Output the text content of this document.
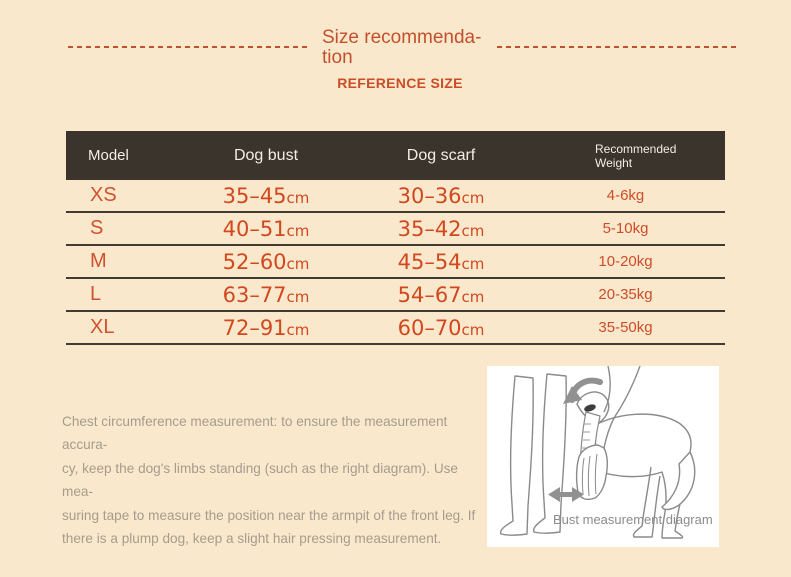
Size recommenda-
tion
REFERENCE SIZE
Model	Dog bust	Dog scarf	Recommended
Weight
XS	35–45cm	30–36cm	4-6kg
S	40–51cm	35–42cm	5-10kg
M	52–60cm	45–54cm	10-20kg
L	63–77cm	54–67cm	20-35kg
XL	72–91cm	60–70cm	35-50kg
Chest circumference measurement: to ensure the measurement accura-
cy, keep the dog's limbs standing (such as the right diagram). Use mea-
suring tape to measure the position near the armpit of the front leg. If
there is a plump dog, keep a slight hair pressing measurement.
Bust measurement diagram
